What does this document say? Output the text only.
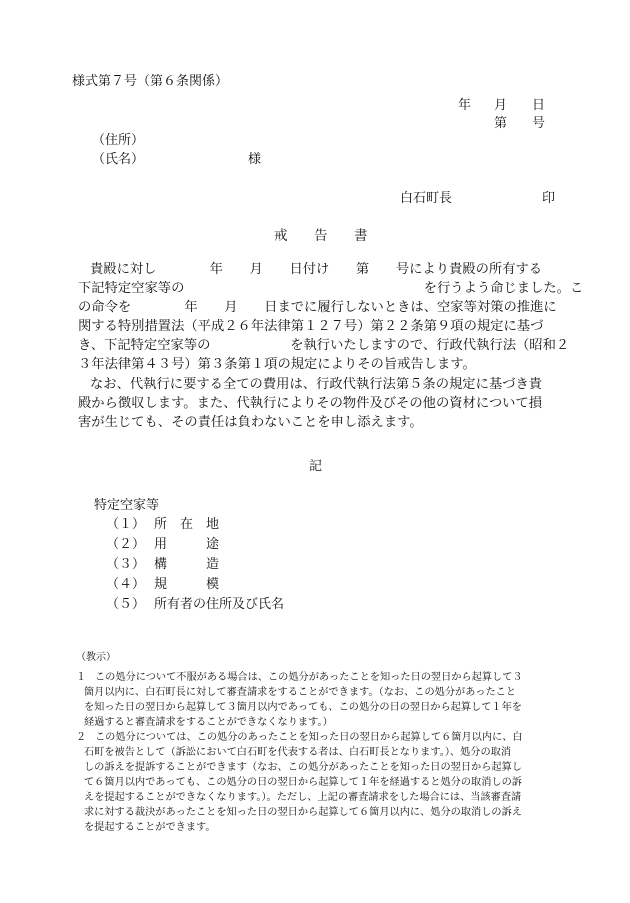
様式第７号（第６条関係）
年 月 日
第 号
（住所）
（氏名）	様
白石町長	印
戒 告 書
貴殿に対し　　　　年　　月　　日付け　　第　　号により貴殿の所有する
下記特定空家等の　　　　　　　　　　　　　　　　　　を行うよう命じました。こ
の命令を　　　　年　　月　　日までに履行しないときは、空家等対策の推進に
関する特別措置法（平成２６年法律第１２７号）第２２条第９項の規定に基づ
き、下記特定空家等の　　　　　　を執行いたしますので、行政代執行法（昭和２
３年法律第４３号）第３条第１項の規定によりその旨戒告します。
なお、代執行に要する全ての費用は、行政代執行法第５条の規定に基づき貴
殿から徴収します。また、代執行によりその物件及びその他の資材について損
害が生じても、その責任は負わないことを申し添えます。
記
特定空家等
（１） 所　在　地
（２） 用　　　途
（３） 構　　　造
（４） 規　　　模
（５） 所有者の住所及び氏名
（教示）
１ この処分について不服がある場合は、この処分があったことを知った日の翌日から起算して３
箇月以内に、白石町長に対して審査請求をすることができます。（なお、この処分があったこと
を知った日の翌日から起算して３箇月以内であっても、この処分の日の翌日から起算して１年を
経過すると審査請求をすることができなくなります。）
２ この処分については、この処分のあったことを知った日の翌日から起算して６箇月以内に、白
石町を被告として（訴訟において白石町を代表する者は、白石町長となります。）、処分の取消
しの訴えを提訴することができます（なお、この処分があったことを知った日の翌日から起算し
て６箇月以内であっても、この処分の日の翌日から起算して１年を経過すると処分の取消しの訴
えを提起することができなくなります。）。ただし、上記の審査請求をした場合には、当該審査請
求に対する裁決があったことを知った日の翌日から起算して６箇月以内に、処分の取消しの訴え
を提起することができます。
